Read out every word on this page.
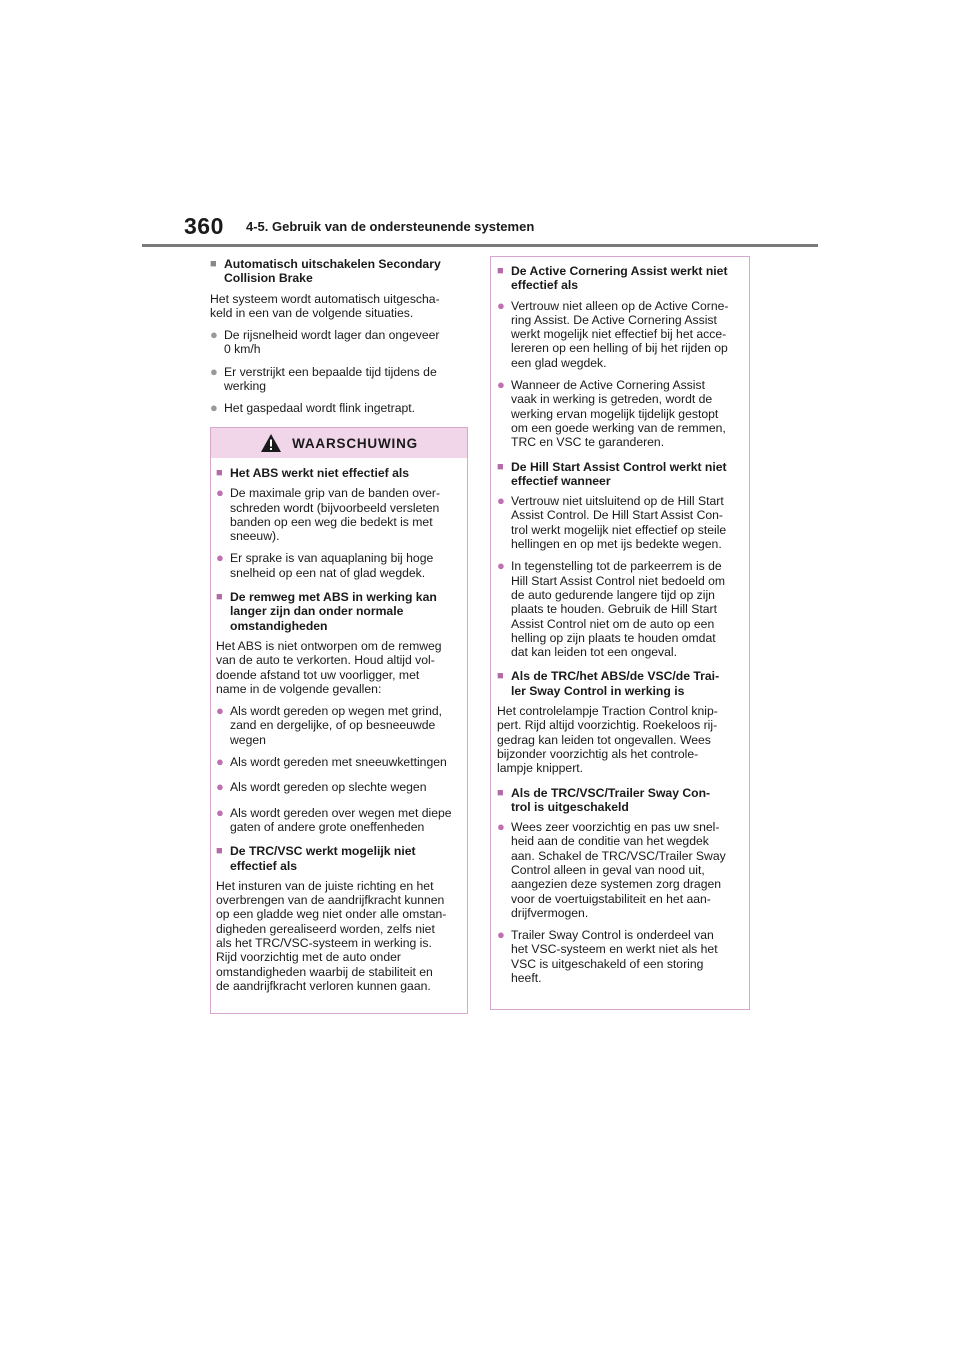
360 4-5. Gebruik van de ondersteunende systemen
■ Automatisch uitschakelen Secondary
Collision Brake
Het systeem wordt automatisch uitgescha-
keld in een van de volgende situaties.
● De rijsnelheid wordt lager dan ongeveer
0 km/h
● Er verstrijkt een bepaalde tijd tijdens de
werking
● Het gaspedaal wordt flink ingetrapt.
WAARSCHUWING
■ Het ABS werkt niet effectief als
● De maximale grip van de banden over-
schreden wordt (bijvoorbeeld versleten
banden op een weg die bedekt is met
sneeuw).
● Er sprake is van aquaplaning bij hoge
snelheid op een nat of glad wegdek.
■ De remweg met ABS in werking kan
langer zijn dan onder normale
omstandigheden
Het ABS is niet ontworpen om de remweg
van de auto te verkorten. Houd altijd vol-
doende afstand tot uw voorligger, met
name in de volgende gevallen:
● Als wordt gereden op wegen met grind,
zand en dergelijke, of op besneeuwde
wegen
● Als wordt gereden met sneeuwkettingen
● Als wordt gereden op slechte wegen
● Als wordt gereden over wegen met diepe
gaten of andere grote oneffenheden
■ De TRC/VSC werkt mogelijk niet
effectief als
Het insturen van de juiste richting en het
overbrengen van de aandrijfkracht kunnen
op een gladde weg niet onder alle omstan-
digheden gerealiseerd worden, zelfs niet
als het TRC/VSC-systeem in werking is.
Rijd voorzichtig met de auto onder
omstandigheden waarbij de stabiliteit en
de aandrijfkracht verloren kunnen gaan.
■ De Active Cornering Assist werkt niet
effectief als
● Vertrouw niet alleen op de Active Corne-
ring Assist. De Active Cornering Assist
werkt mogelijk niet effectief bij het acce-
lereren op een helling of bij het rijden op
een glad wegdek.
● Wanneer de Active Cornering Assist
vaak in werking is getreden, wordt de
werking ervan mogelijk tijdelijk gestopt
om een goede werking van de remmen,
TRC en VSC te garanderen.
■ De Hill Start Assist Control werkt niet
effectief wanneer
● Vertrouw niet uitsluitend op de Hill Start
Assist Control. De Hill Start Assist Con-
trol werkt mogelijk niet effectief op steile
hellingen en op met ijs bedekte wegen.
● In tegenstelling tot de parkeerrem is de
Hill Start Assist Control niet bedoeld om
de auto gedurende langere tijd op zijn
plaats te houden. Gebruik de Hill Start
Assist Control niet om de auto op een
helling op zijn plaats te houden omdat
dat kan leiden tot een ongeval.
■ Als de TRC/het ABS/de VSC/de Trai-
ler Sway Control in werking is
Het controlelampje Traction Control knip-
pert. Rijd altijd voorzichtig. Roekeloos rij-
gedrag kan leiden tot ongevallen. Wees
bijzonder voorzichtig als het controle-
lampje knippert.
■ Als de TRC/VSC/Trailer Sway Con-
trol is uitgeschakeld
● Wees zeer voorzichtig en pas uw snel-
heid aan de conditie van het wegdek
aan. Schakel de TRC/VSC/Trailer Sway
Control alleen in geval van nood uit,
aangezien deze systemen zorg dragen
voor de voertuigstabiliteit en het aan-
drijfvermogen.
● Trailer Sway Control is onderdeel van
het VSC-systeem en werkt niet als het
VSC is uitgeschakeld of een storing
heeft.
